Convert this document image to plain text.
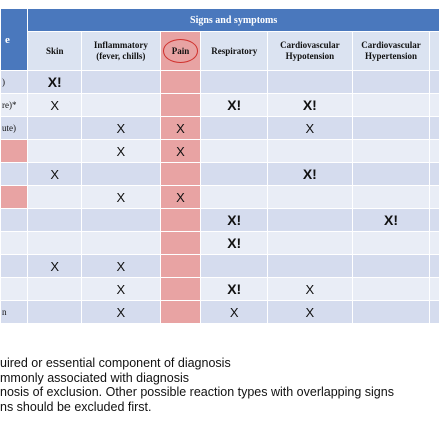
e	Signs and symptoms						
	Skin	Inflammatory (fever, chills)	Pain	Respiratory	Cardiovascular Hypotension	Cardiovascular Hypertension	
)	X!						
re)*	X			X!	X!		
ute)		X	X		X		
		X	X				
	X				X!		
		X	X				
				X!		X!	
				X!			
	X	X					
		X		X!	X		
n		X		X	X		
uired or essential component of diagnosis
mmonly associated with diagnosis
nosis of exclusion. Other possible reaction types with overlapping signs
ns should be excluded first.
